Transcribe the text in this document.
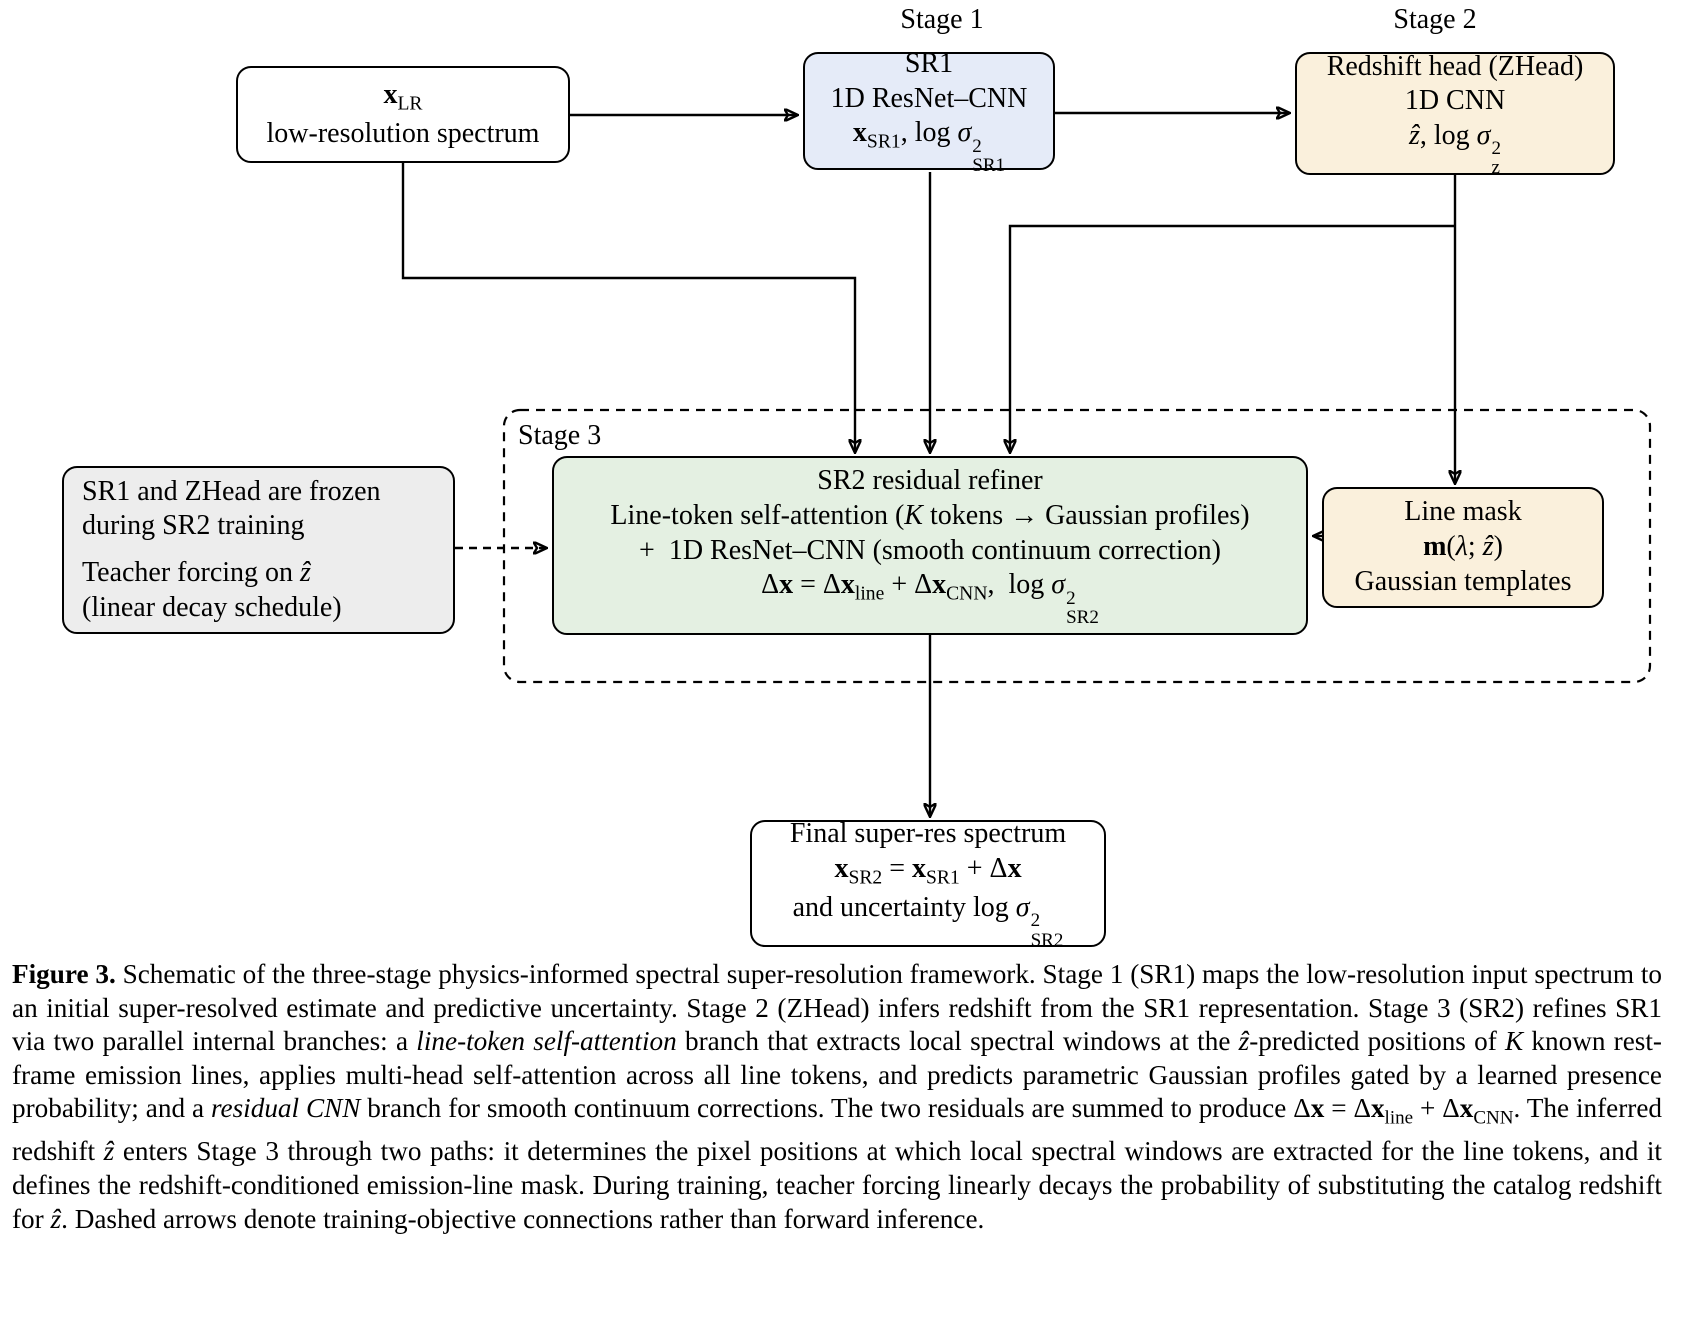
Stage 1	Stage 2
$x_{LR}$
low-resolution spectrum
SR1
1D ResNet–CNN
$x_{SR1}$, log σ 2
SR1
Redshift head (ZHead)
1D CNN
ẑ, log σ 2
z
Stage 3
SR1 and ZHead are frozen
during SR2 training
Teacher forcing on ẑ
(linear decay schedule)
SR2 residual refiner
Line-token self-attention (K tokens → Gaussian profiles)
+  1D ResNet–CNN (smooth continuum correction)
$\Delta x = \Delta x_{line} + \Delta x_{CNN}$,  log σ 2
SR2
Line mask
m(λ; ẑ)
Gaussian templates
Final super-res spectrum
$x_{SR2} = x_{SR1} + \Delta x$
and uncertainty log σ 2
SR2

Figure 3. Schematic of the three-stage physics-informed spectral super-resolution framework. Stage 1 (SR1) maps the low-resolution input spectrum to an initial super-resolved estimate and predictive uncertainty. Stage 2 (ZHead) infers redshift from the SR1 representation. Stage 3 (SR2) refines SR1 via two parallel internal branches: a line-token self-attention branch that extracts local spectral windows at the ẑ-predicted positions of K known rest-frame emission lines, applies multi-head self-attention across all line tokens, and predicts parametric Gaussian profiles gated by a learned presence probability; and a residual CNN branch for smooth continuum corrections. The two residuals are summed to produce $\Delta x = \Delta x_{line} + \Delta x_{CNN}$. The inferred redshift ẑ enters Stage 3 through two paths: it determines the pixel positions at which local spectral windows are extracted for the line tokens, and it defines the redshift-conditioned emission-line mask. During training, teacher forcing linearly decays the probability of substituting the catalog redshift for ẑ. Dashed arrows denote training-objective connections rather than forward inference.
